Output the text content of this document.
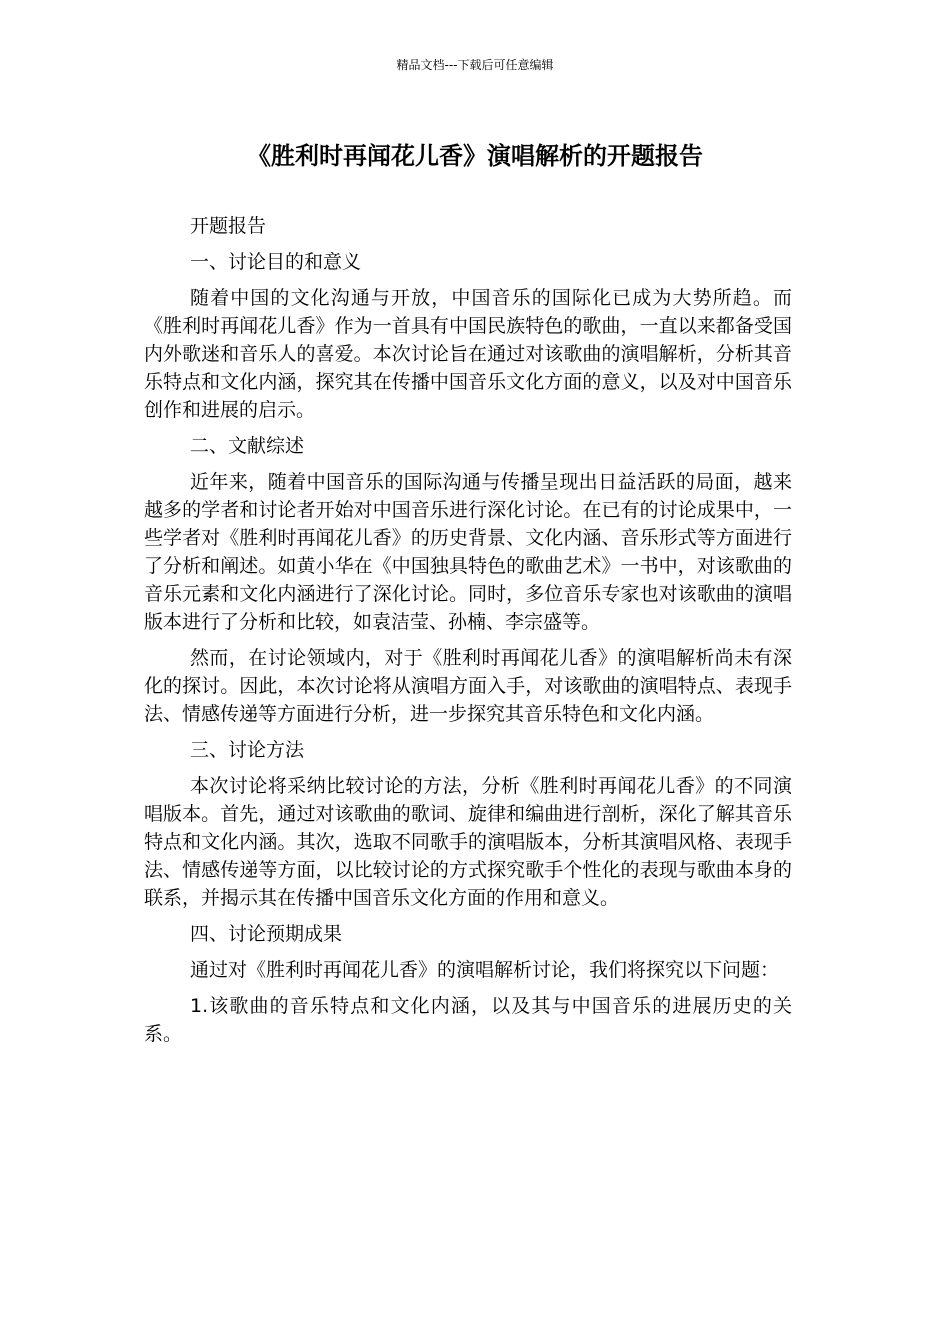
精品文档---下载后可任意编辑
《胜利时再闻花儿香》演唱解析的开题报告

开题报告

一、讨论目的和意义

随着中国的文化沟通与开放，中国音乐的国际化已成为大势所趋。而《胜利时再闻花儿香》作为一首具有中国民族特色的歌曲，一直以来都备受国内外歌迷和音乐人的喜爱。本次讨论旨在通过对该歌曲的演唱解析，分析其音乐特点和文化内涵，探究其在传播中国音乐文化方面的意义，以及对中国音乐创作和进展的启示。

二、文献综述

近年来，随着中国音乐的国际沟通与传播呈现出日益活跃的局面，越来越多的学者和讨论者开始对中国音乐进行深化讨论。在已有的讨论成果中，一些学者对《胜利时再闻花儿香》的历史背景、文化内涵、音乐形式等方面进行了分析和阐述。如黄小华在《中国独具特色的歌曲艺术》一书中，对该歌曲的音乐元素和文化内涵进行了深化讨论。同时，多位音乐专家也对该歌曲的演唱版本进行了分析和比较，如袁洁莹、孙楠、李宗盛等。

然而，在讨论领域内，对于《胜利时再闻花儿香》的演唱解析尚未有深化的探讨。因此，本次讨论将从演唱方面入手，对该歌曲的演唱特点、表现手法、情感传递等方面进行分析，进一步探究其音乐特色和文化内涵。

三、讨论方法

本次讨论将采纳比较讨论的方法，分析《胜利时再闻花儿香》的不同演唱版本。首先，通过对该歌曲的歌词、旋律和编曲进行剖析，深化了解其音乐特点和文化内涵。其次，选取不同歌手的演唱版本，分析其演唱风格、表现手法、情感传递等方面，以比较讨论的方式探究歌手个性化的表现与歌曲本身的联系，并揭示其在传播中国音乐文化方面的作用和意义。

四、讨论预期成果

通过对《胜利时再闻花儿香》的演唱解析讨论，我们将探究以下问题：

1.该歌曲的音乐特点和文化内涵，以及其与中国音乐的进展历史的关系。
